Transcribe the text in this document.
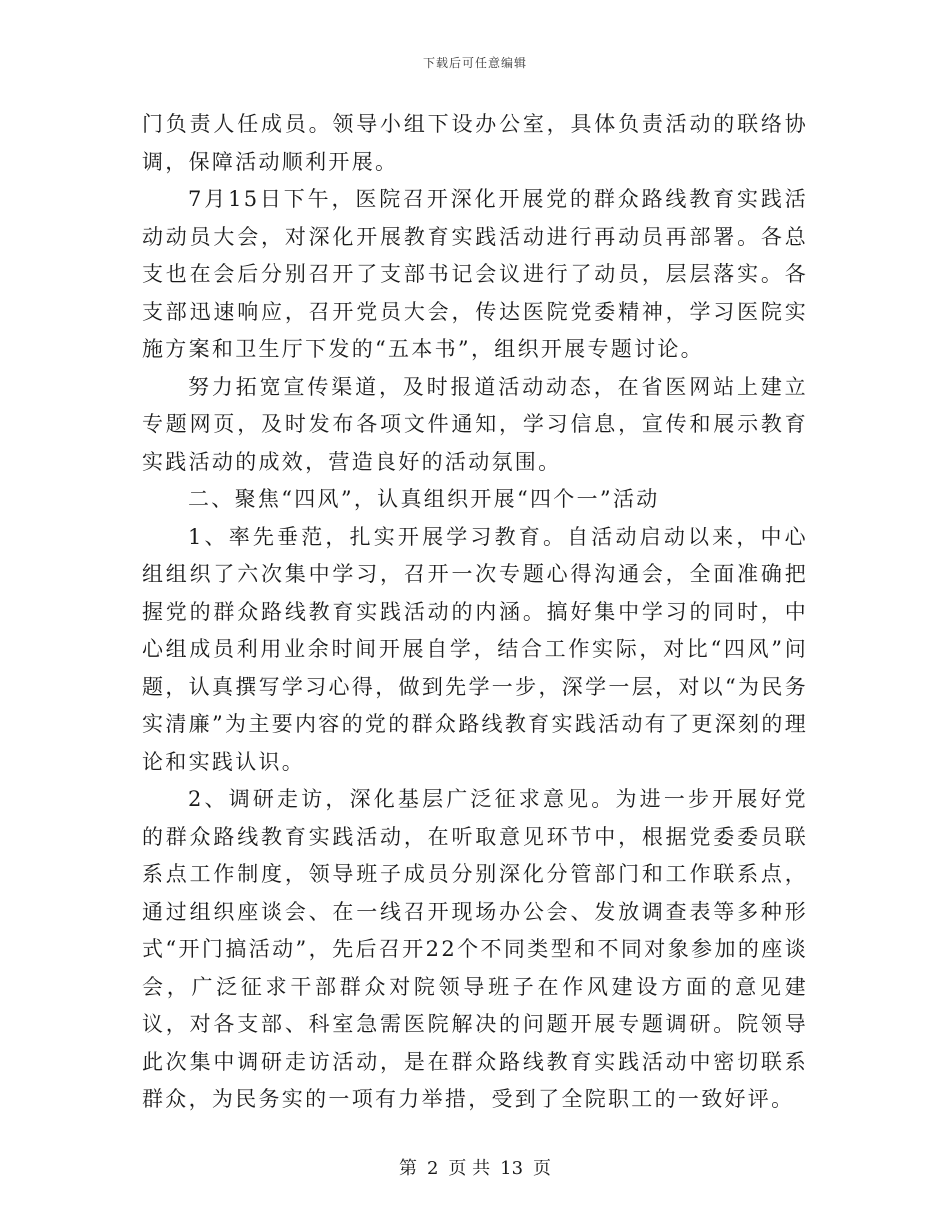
下载后可任意编辑

门负责人任成员。领导小组下设办公室，具体负责活动的联络协调，保障活动顺利开展。

7月15日下午，医院召开深化开展党的群众路线教育实践活动动员大会，对深化开展教育实践活动进行再动员再部署。各总支也在会后分别召开了支部书记会议进行了动员，层层落实。各支部迅速响应，召开党员大会，传达医院党委精神，学习医院实施方案和卫生厅下发的“五本书”，组织开展专题讨论。

努力拓宽宣传渠道，及时报道活动动态，在省医网站上建立专题网页，及时发布各项文件通知，学习信息，宣传和展示教育实践活动的成效，营造良好的活动氛围。

二、聚焦“四风”，认真组织开展“四个一”活动

1、率先垂范，扎实开展学习教育。自活动启动以来，中心组组织了六次集中学习，召开一次专题心得沟通会，全面准确把握党的群众路线教育实践活动的内涵。搞好集中学习的同时，中心组成员利用业余时间开展自学，结合工作实际，对比“四风”问题，认真撰写学习心得，做到先学一步，深学一层，对以“为民务实清廉”为主要内容的党的群众路线教育实践活动有了更深刻的理论和实践认识。

2、调研走访，深化基层广泛征求意见。为进一步开展好党的群众路线教育实践活动，在听取意见环节中，根据党委委员联系点工作制度，领导班子成员分别深化分管部门和工作联系点，通过组织座谈会、在一线召开现场办公会、发放调查表等多种形式“开门搞活动”，先后召开22个不同类型和不同对象参加的座谈会，广泛征求干部群众对院领导班子在作风建设方面的意见建议，对各支部、科室急需医院解决的问题开展专题调研。院领导此次集中调研走访活动，是在群众路线教育实践活动中密切联系群众，为民务实的一项有力举措，受到了全院职工的一致好评。

第 2 页 共 13 页
